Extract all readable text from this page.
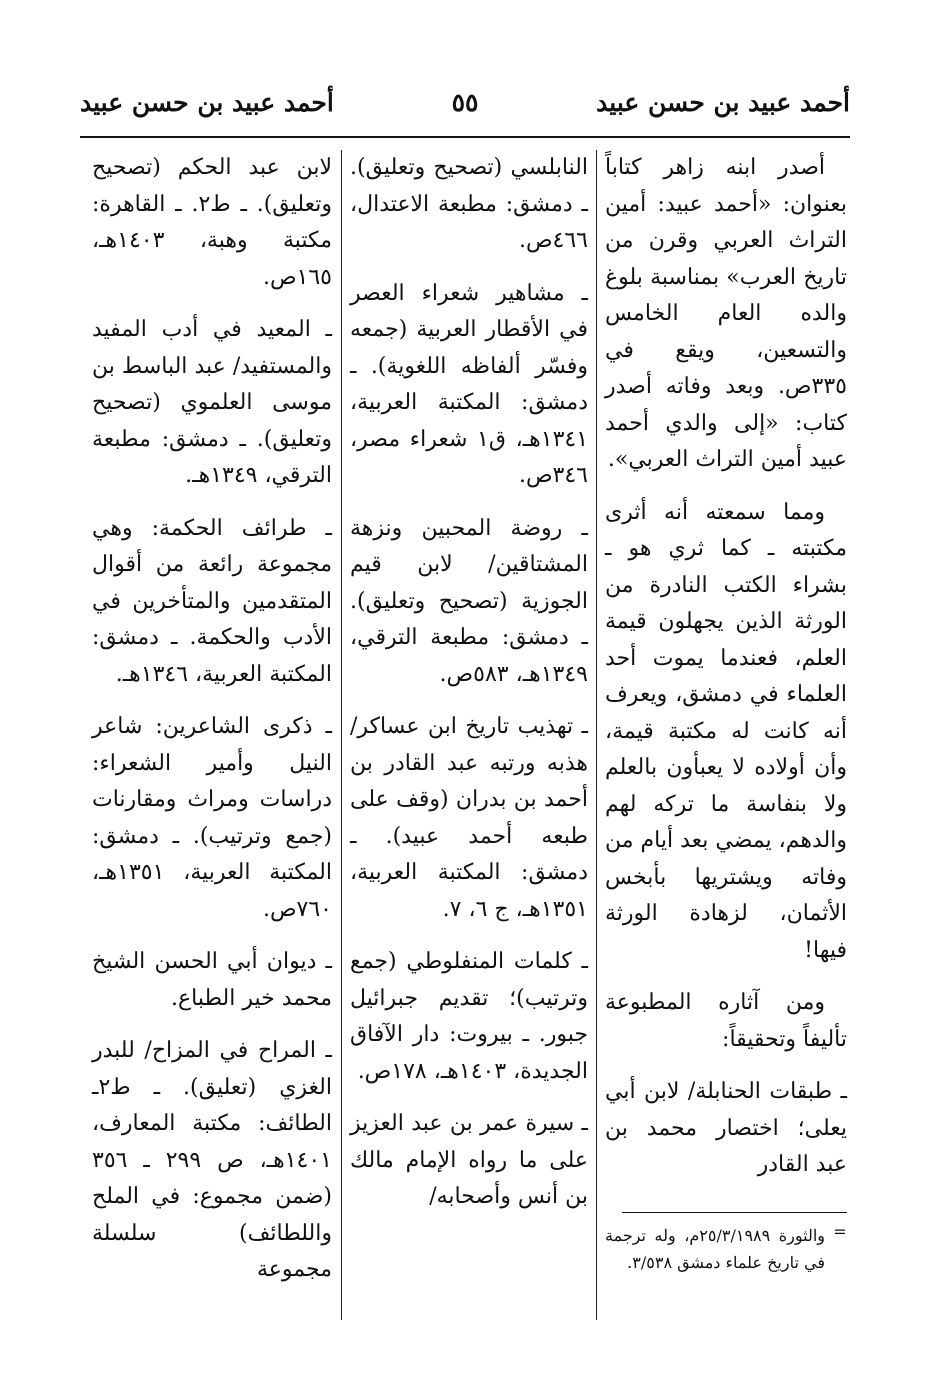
أحمد عبيد بن حسن عبيد
٥٥
أحمد عبيد بن حسن عبيد

أصدر ابنه زاهر كتاباً بعنوان: «أحمد عبيد: أمين التراث العربي وقرن من تاريخ العرب» بمناسبة بلوغ والده العام الخامس والتسعين، ويقع في ٣٣٥ص. وبعد وفاته أصدر كتاب: «إلى والدي أحمد عبيد أمين التراث العربي».

ومما سمعته أنه أثرى مكتبته ـ كما ثري هو ـ بشراء الكتب النادرة من الورثة الذين يجهلون قيمة العلم، فعندما يموت أحد العلماء في دمشق، ويعرف أنه كانت له مكتبة قيمة، وأن أولاده لا يعبأون بالعلم ولا بنفاسة ما تركه لهم والدهم، يمضي بعد أيام من وفاته ويشتريها بأبخس الأثمان، لزهادة الورثة فيها!

ومن آثاره المطبوعة تأليفاً وتحقيقاً:

ـ طبقات الحنابلة/ لابن أبي يعلى؛ اختصار محمد بن عبد القادر

النابلسي (تصحيح وتعليق). ـ دمشق: مطبعة الاعتدال، ٤٦٦ص.

ـ مشاهير شعراء العصر في الأقطار العربية (جمعه وفسّر ألفاظه اللغوية). ـ دمشق: المكتبة العربية، ١٣٤١هـ، ق١ شعراء مصر، ٣٤٦ص.

ـ روضة المحبين ونزهة المشتاقين/ لابن قيم الجوزية (تصحيح وتعليق). ـ دمشق: مطبعة الترقي، ١٣٤٩هـ، ٥٨٣ص.

ـ تهذيب تاريخ ابن عساكر/ هذبه ورتبه عبد القادر بن أحمد بن بدران (وقف على طبعه أحمد عبيد). ـ دمشق: المكتبة العربية، ١٣٥١هـ، ج ٦، ٧.

ـ كلمات المنفلوطي (جمع وترتيب)؛ تقديم جبرائيل جبور. ـ بيروت: دار الآفاق الجديدة، ١٤٠٣هـ، ١٧٨ص.

ـ سيرة عمر بن عبد العزيز على ما رواه الإمام مالك بن أنس وأصحابه/

لابن عبد الحكم (تصحيح وتعليق). ـ ط٢. ـ القاهرة: مكتبة وهبة، ١٤٠٣هـ، ١٦٥ص.

ـ المعيد في أدب المفيد والمستفيد/ عبد الباسط بن موسى العلموي (تصحيح وتعليق). ـ دمشق: مطبعة الترقي، ١٣٤٩هـ.

ـ طرائف الحكمة: وهي مجموعة رائعة من أقوال المتقدمين والمتأخرين في الأدب والحكمة. ـ دمشق: المكتبة العربية، ١٣٤٦هـ.

ـ ذكرى الشاعرين: شاعر النيل وأمير الشعراء: دراسات ومراث ومقارنات (جمع وترتيب). ـ دمشق: المكتبة العربية، ١٣٥١هـ، ٧٦٠ص.

ـ ديوان أبي الحسن الشيخ محمد خير الطباع.

ـ المراح في المزاح/ للبدر الغزي (تعليق). ـ ط٢ـ الطائف: مكتبة المعارف، ١٤٠١هـ، ص ٢٩٩ ـ ٣٥٦ (ضمن مجموع: في الملح واللطائف) سلسلة مجموعة

=
والثورة ٢٥/٣/١٩٨٩م، وله ترجمة في تاريخ علماء دمشق ٣/٥٣٨.
